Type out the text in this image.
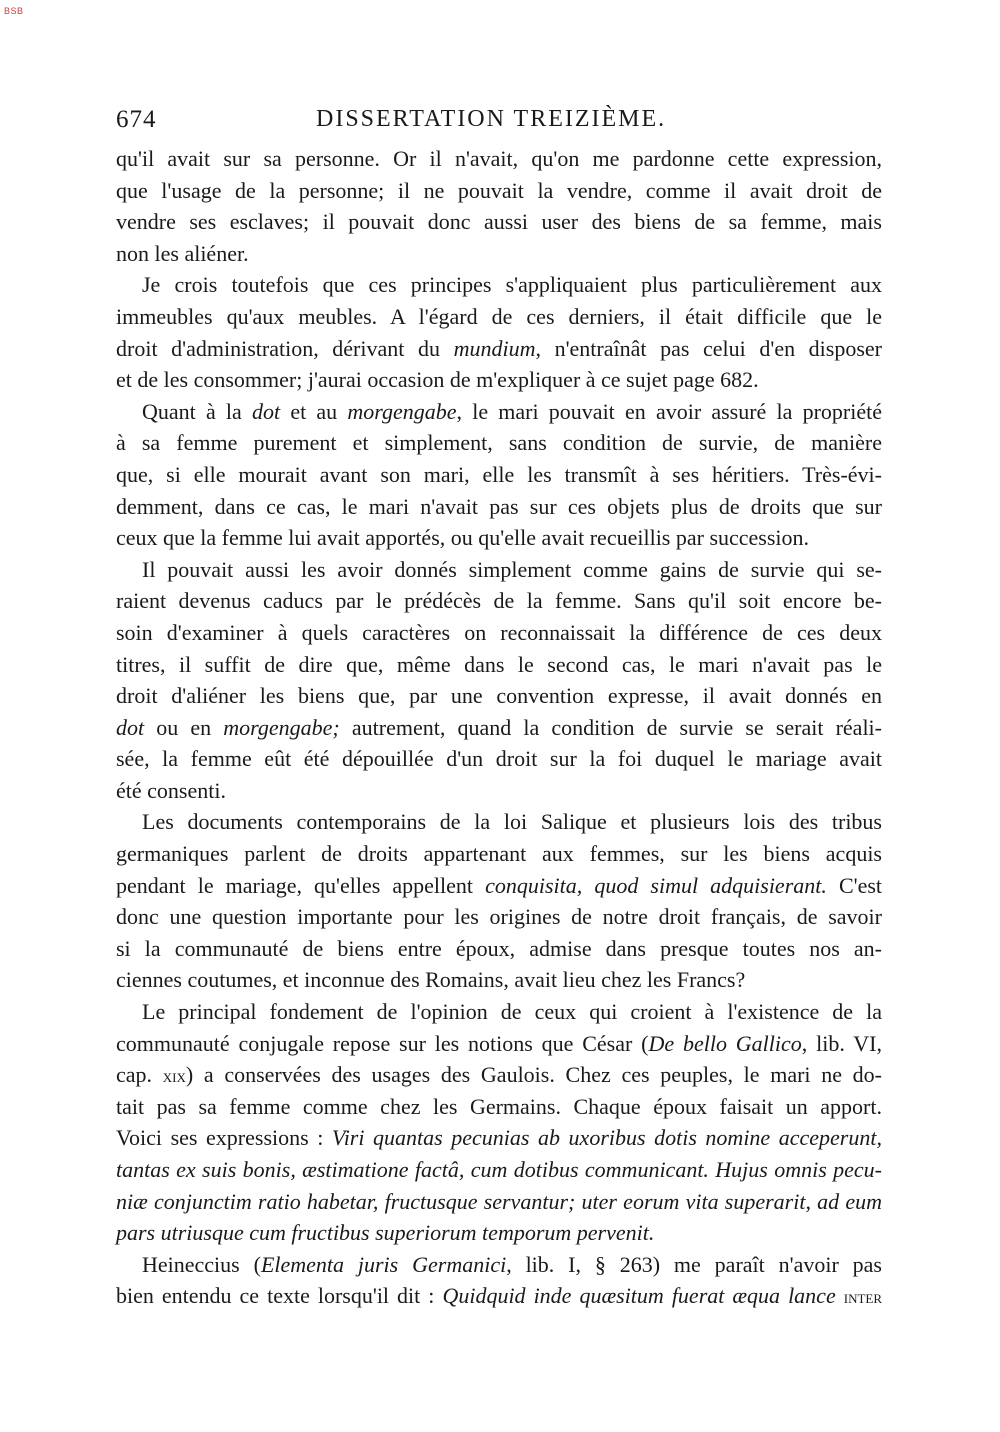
BSB
674	DISSERTATION TREIZIÈME.
qu'il avait sur sa personne. Or il n'avait, qu'on me pardonne cette expression,
que l'usage de la personne; il ne pouvait la vendre, comme il avait droit de
vendre ses esclaves; il pouvait donc aussi user des biens de sa femme, mais
non les aliéner.
Je crois toutefois que ces principes s'appliquaient plus particulièrement aux
immeubles qu'aux meubles. A l'égard de ces derniers, il était difficile que le
droit d'administration, dérivant du mundium, n'entraînât pas celui d'en disposer
et de les consommer; j'aurai occasion de m'expliquer à ce sujet page 682.
Quant à la dot et au morgengabe, le mari pouvait en avoir assuré la propriété
à sa femme purement et simplement, sans condition de survie, de manière
que, si elle mourait avant son mari, elle les transmît à ses héritiers. Très-évi-
demment, dans ce cas, le mari n'avait pas sur ces objets plus de droits que sur
ceux que la femme lui avait apportés, ou qu'elle avait recueillis par succession.
Il pouvait aussi les avoir donnés simplement comme gains de survie qui se-
raient devenus caducs par le prédécès de la femme. Sans qu'il soit encore be-
soin d'examiner à quels caractères on reconnaissait la différence de ces deux
titres, il suffit de dire que, même dans le second cas, le mari n'avait pas le
droit d'aliéner les biens que, par une convention expresse, il avait donnés en
dot ou en morgengabe; autrement, quand la condition de survie se serait réali-
sée, la femme eût été dépouillée d'un droit sur la foi duquel le mariage avait
été consenti.
Les documents contemporains de la loi Salique et plusieurs lois des tribus
germaniques parlent de droits appartenant aux femmes, sur les biens acquis
pendant le mariage, qu'elles appellent conquisita, quod simul adquisierant. C'est
donc une question importante pour les origines de notre droit français, de savoir
si la communauté de biens entre époux, admise dans presque toutes nos an-
ciennes coutumes, et inconnue des Romains, avait lieu chez les Francs?
Le principal fondement de l'opinion de ceux qui croient à l'existence de la
communauté conjugale repose sur les notions que César (De bello Gallico, lib. VI,
cap. xix) a conservées des usages des Gaulois. Chez ces peuples, le mari ne do-
tait pas sa femme comme chez les Germains. Chaque époux faisait un apport.
Voici ses expressions : Viri quantas pecunias ab uxoribus dotis nomine acceperunt,
tantas ex suis bonis, æstimatione factâ, cum dotibus communicant. Hujus omnis pecu-
niæ conjunctim ratio habetar, fructusque servantur; uter eorum vita superarit, ad eum
pars utriusque cum fructibus superiorum temporum pervenit.
Heineccius (Elementa juris Germanici, lib. I, § 263) me paraît n'avoir pas
bien entendu ce texte lorsqu'il dit : Quidquid inde quæsitum fuerat æqua lance inter
